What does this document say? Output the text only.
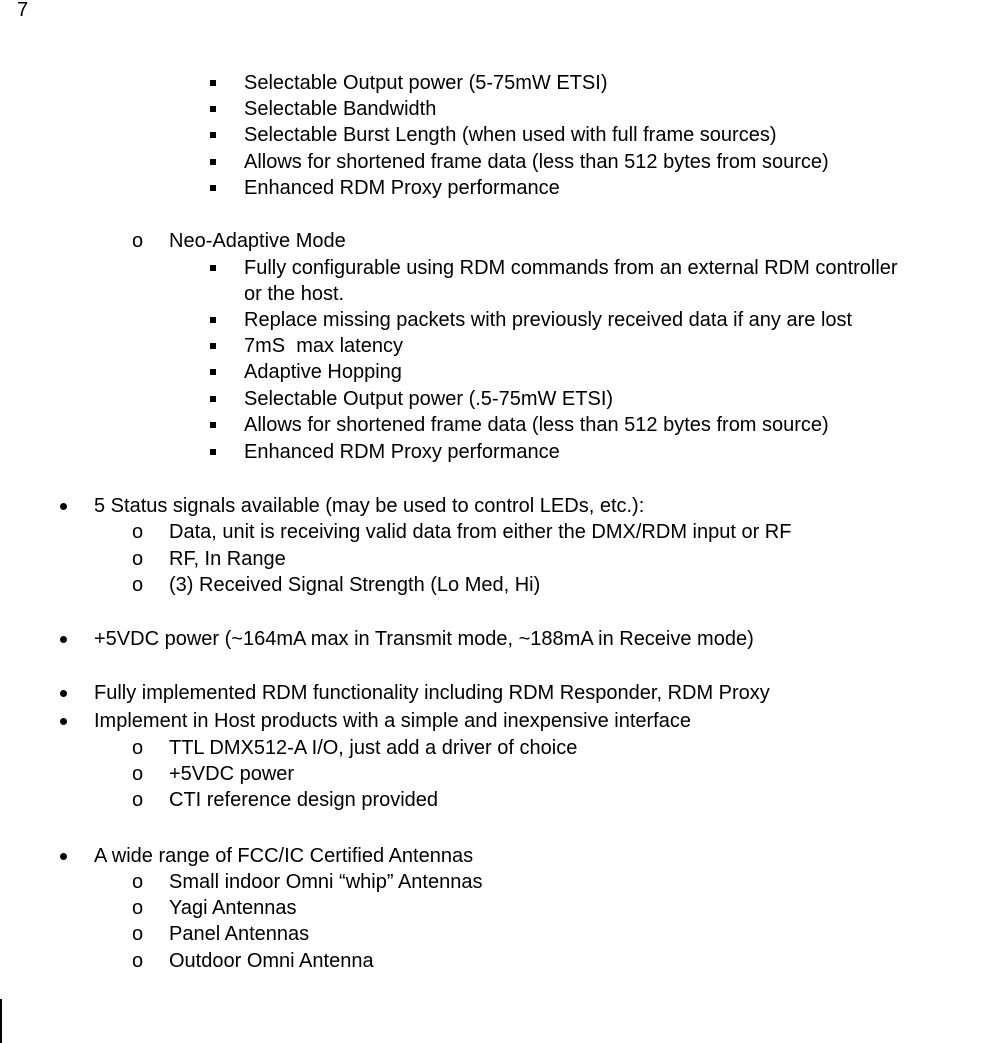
7
Selectable Output power (5-75mW ETSI)
Selectable Bandwidth
Selectable Burst Length (when used with full frame sources)
Allows for shortened frame data (less than 512 bytes from source)
Enhanced RDM Proxy performance
o Neo-Adaptive Mode
Fully configurable using RDM commands from an external RDM controller
or the host.
Replace missing packets with previously received data if any are lost
7mS  max latency
Adaptive Hopping
Selectable Output power (.5-75mW ETSI)
Allows for shortened frame data (less than 512 bytes from source)
Enhanced RDM Proxy performance
5 Status signals available (may be used to control LEDs, etc.):
o Data, unit is receiving valid data from either the DMX/RDM input or RF
o RF, In Range
o (3) Received Signal Strength (Lo Med, Hi)
+5VDC power (~164mA max in Transmit mode, ~188mA in Receive mode)
Fully implemented RDM functionality including RDM Responder, RDM Proxy
Implement in Host products with a simple and inexpensive interface
o TTL DMX512-A I/O, just add a driver of choice
o +5VDC power
o CTI reference design provided
A wide range of FCC/IC Certified Antennas
o Small indoor Omni “whip” Antennas
o Yagi Antennas
o Panel Antennas
o Outdoor Omni Antenna
